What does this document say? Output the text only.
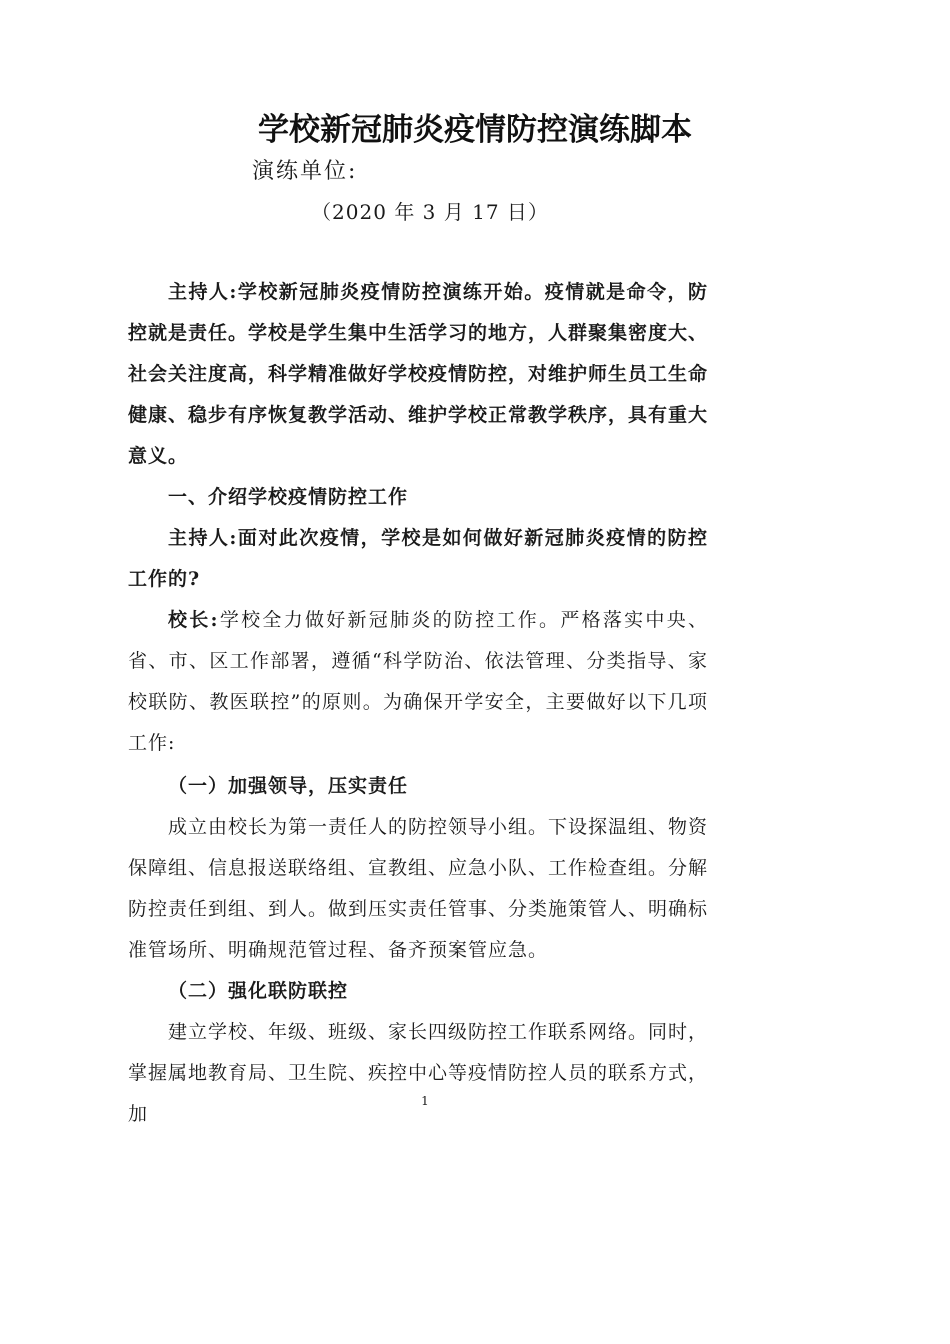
学校新冠肺炎疫情防控演练脚本
演练单位:
（2020 年 3 月 17 日）
主持人:学校新冠肺炎疫情防控演练开始。疫情就是命令，防控就是责任。学校是学生集中生活学习的地方，人群聚集密度大、社会关注度高，科学精准做好学校疫情防控，对维护师生员工生命健康、稳步有序恢复教学活动、维护学校正常教学秩序，具有重大意义。
一、介绍学校疫情防控工作
主持人:面对此次疫情，学校是如何做好新冠肺炎疫情的防控工作的?
校长:学校全力做好新冠肺炎的防控工作。严格落实中央、省、市、区工作部署，遵循“科学防治、依法管理、分类指导、家校联防、教医联控”的原则。为确保开学安全，主要做好以下几项工作:
（一）加强领导，压实责任
成立由校长为第一责任人的防控领导小组。下设探温组、物资保障组、信息报送联络组、宣教组、应急小队、工作检查组。分解防控责任到组、到人。做到压实责任管事、分类施策管人、明确标准管场所、明确规范管过程、备齐预案管应急。
（二）强化联防联控
建立学校、年级、班级、家长四级防控工作联系网络。同时，掌握属地教育局、卫生院、疾控中心等疫情防控人员的联系方式，加
1
